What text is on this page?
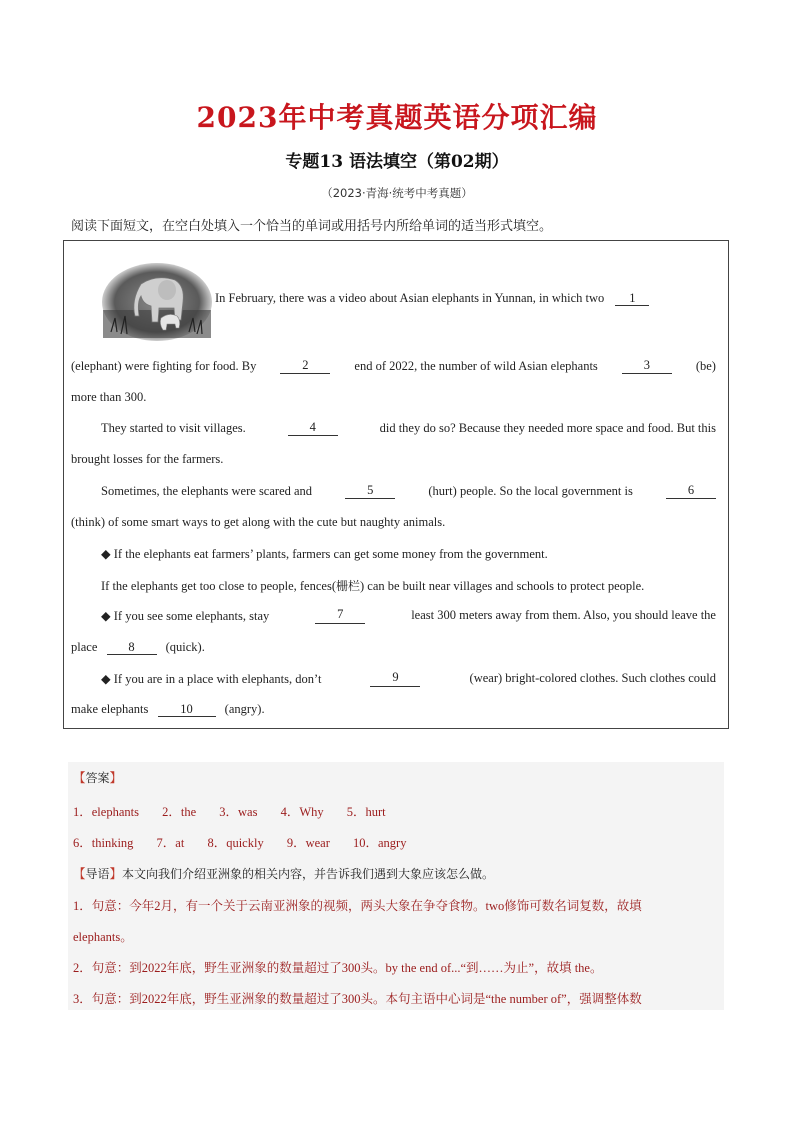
2023年中考真题英语分项汇编
专题13 语法填空（第02期）
（2023·青海·统考中考真题）
阅读下面短文，在空白处填入一个恰当的单词或用括号内所给单词的适当形式填空。
In February, there was a video about Asian elephants in Yunnan, in which two 1
(elephant) were fighting for food. By	2	end of 2022, the number of wild Asian elephants	3	(be)
more than 300.
They started to visit villages.	4	did they do so? Because they needed more space and food. But this
brought losses for the farmers.
Sometimes, the elephants were scared and	5	(hurt) people. So the local government is	6
(think) of some smart ways to get along with the cute but naughty animals.
◆ If the elephants eat farmers’ plants, farmers can get some money from the government.
If the elephants get too close to people, fences(栅栏) can be built near villages and schools to protect people.
◆ If you see some elephants, stay	7	least 300 meters away from them. Also, you should leave the
place 8 (quick).
◆ If you are in a place with elephants, don’t	9	(wear) bright-colored clothes. Such clothes could
make elephants	10	(angry).
【答案】
1．elephants 2．the 3．was 4．Why 5．hurt
6．thinking 7．at 8．quickly 9．wear 10．angry
【导语】本文向我们介绍亚洲象的相关内容，并告诉我们遇到大象应该怎么做。
1．句意：今年2月，有一个关于云南亚洲象的视频，两头大象在争夺食物。two修饰可数名词复数，故填
elephants。
2．句意：到2022年底，野生亚洲象的数量超过了300头。by the end of...“到……为止”，故填 the。
3．句意：到2022年底，野生亚洲象的数量超过了300头。本句主语中心词是“the number of”，强调整体数
